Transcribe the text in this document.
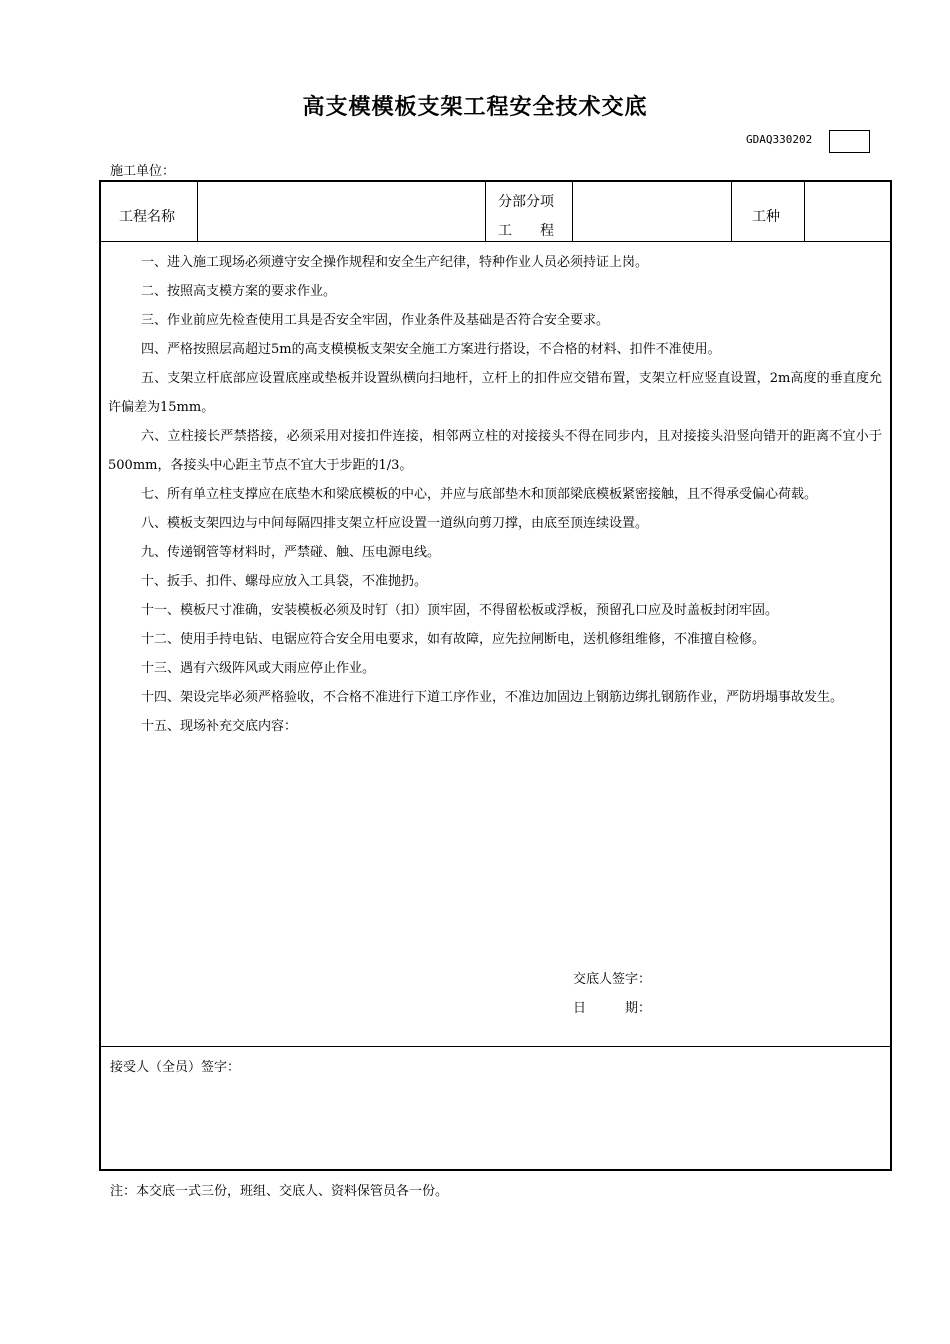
高支模模板支架工程安全技术交底
GDAQ330202
施工单位：
工程名称
分部分项
工　　程
工种

一、进入施工现场必须遵守安全操作规程和安全生产纪律，特种作业人员必须持证上岗。

二、按照高支模方案的要求作业。

三、作业前应先检查使用工具是否安全牢固，作业条件及基础是否符合安全要求。

四、严格按照层高超过5m的高支模模板支架安全施工方案进行搭设，不合格的材料、扣件不准使用。

五、支架立杆底部应设置底座或垫板并设置纵横向扫地杆，立杆上的扣件应交错布置，支架立杆应竖直设置，2m高度的垂直度允许偏差为15mm。

六、立柱接长严禁搭接，必须采用对接扣件连接，相邻两立柱的对接接头不得在同步内，且对接接头沿竖向错开的距离不宜小于500mm，各接头中心距主节点不宜大于步距的1/3。

七、所有单立柱支撑应在底垫木和梁底模板的中心，并应与底部垫木和顶部梁底模板紧密接触，且不得承受偏心荷载。

八、模板支架四边与中间每隔四排支架立杆应设置一道纵向剪刀撑，由底至顶连续设置。

九、传递钢管等材料时，严禁碰、触、压电源电线。

十、扳手、扣件、螺母应放入工具袋，不准抛扔。

十一、模板尺寸准确，安装模板必须及时钉（扣）顶牢固，不得留松板或浮板，预留孔口应及时盖板封闭牢固。

十二、使用手持电钻、电锯应符合安全用电要求，如有故障，应先拉闸断电，送机修组维修，不准擅自检修。

十三、遇有六级阵风或大雨应停止作业。

十四、架设完毕必须严格验收，不合格不准进行下道工序作业，不准边加固边上钢筋边绑扎钢筋作业，严防坍塌事故发生。

十五、现场补充交底内容：

交底人签字：
日　　　期：
接受人（全员）签字：
注：本交底一式三份，班组、交底人、资料保管员各一份。
